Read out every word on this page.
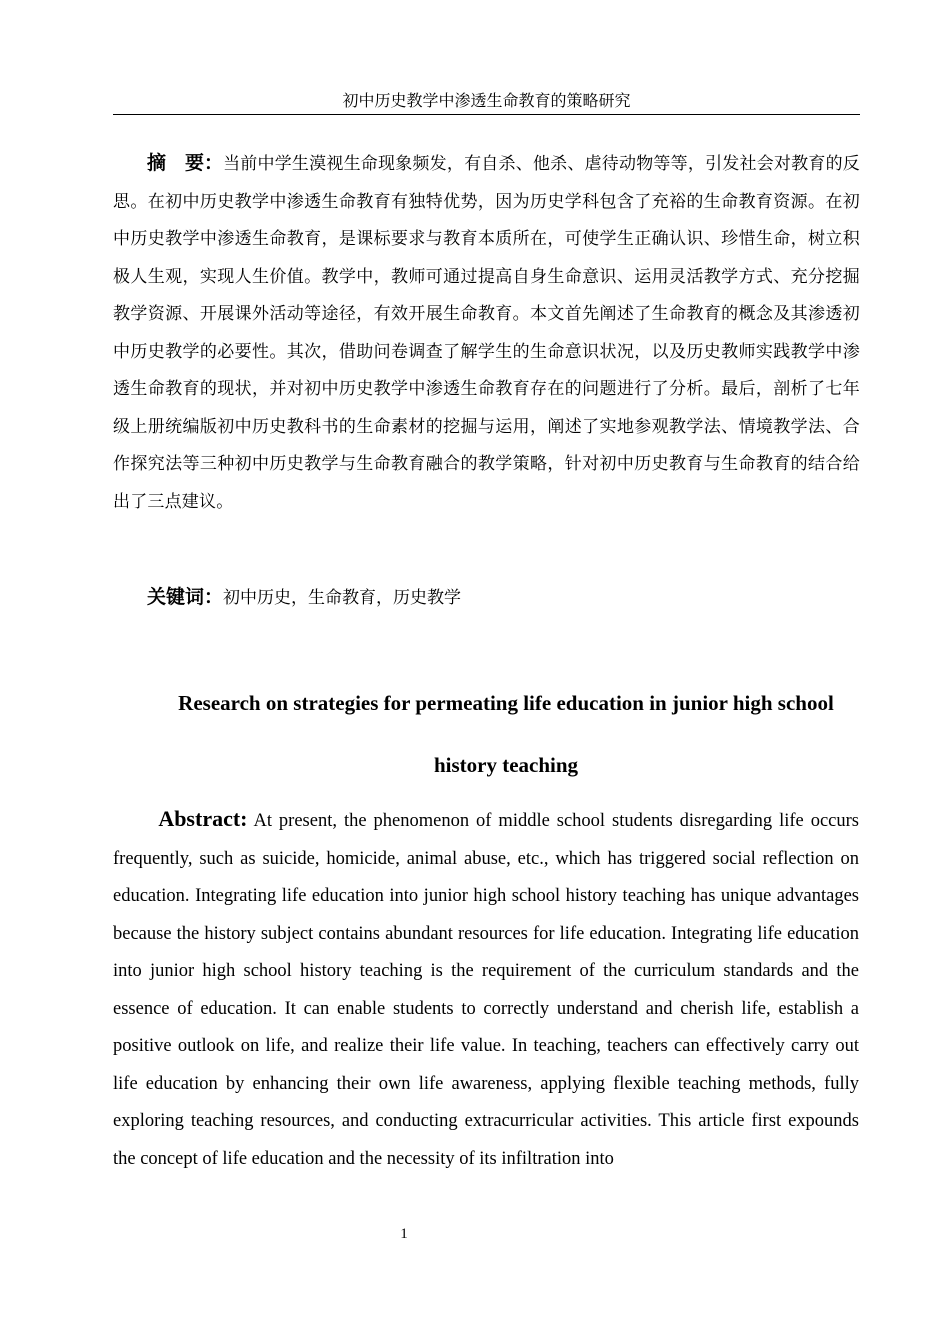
初中历史教学中渗透生命教育的策略研究

摘　要：当前中学生漠视生命现象频发，有自杀、他杀、虐待动物等等，引发社会对教育的反思。在初中历史教学中渗透生命教育有独特优势，因为历史学科包含了充裕的生命教育资源。在初中历史教学中渗透生命教育，是课标要求与教育本质所在，可使学生正确认识、珍惜生命，树立积极人生观，实现人生价值。教学中，教师可通过提高自身生命意识、运用灵活教学方式、充分挖掘教学资源、开展课外活动等途径，有效开展生命教育。本文首先阐述了生命教育的概念及其渗透初中历史教学的必要性。其次，借助问卷调查了解学生的生命意识状况，以及历史教师实践教学中渗透生命教育的现状，并对初中历史教学中渗透生命教育存在的问题进行了分析。最后，剖析了七年级上册统编版初中历史教科书的生命素材的挖掘与运用，阐述了实地参观教学法、情境教学法、合作探究法等三种初中历史教学与生命教育融合的教学策略，针对初中历史教育与生命教育的结合给出了三点建议。

关键词：初中历史，生命教育，历史教学

Research on strategies for permeating life education in junior high school
history teaching

Abstract: At present, the phenomenon of middle school students disregarding life occurs frequently, such as suicide, homicide, animal abuse, etc., which has triggered social reflection on education. Integrating life education into junior high school history teaching has unique advantages because the history subject contains abundant resources for life education. Integrating life education into junior high school history teaching is the requirement of the curriculum standards and the essence of education. It can enable students to correctly understand and cherish life, establish a positive outlook on life, and realize their life value. In teaching, teachers can effectively carry out life education by enhancing their own life awareness, applying flexible teaching methods, fully exploring teaching resources, and conducting extracurricular activities. This article first expounds the concept of life education and the necessity of its infiltration into

1
